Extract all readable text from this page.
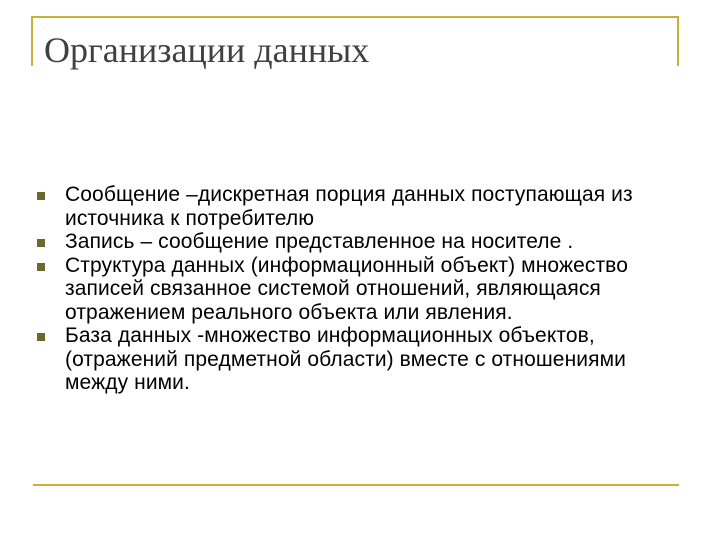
Организации данных
Сообщение –дискретная порция данных поступающая из источника к потребителю
Запись – сообщение представленное на носителе .
Структура данных (информационный объект) множество записей связанное системой отношений, являющаяся отражением реального объекта или явления.
База данных -множество информационных объектов, (отражений предметной области) вместе с отношениями между ними.
